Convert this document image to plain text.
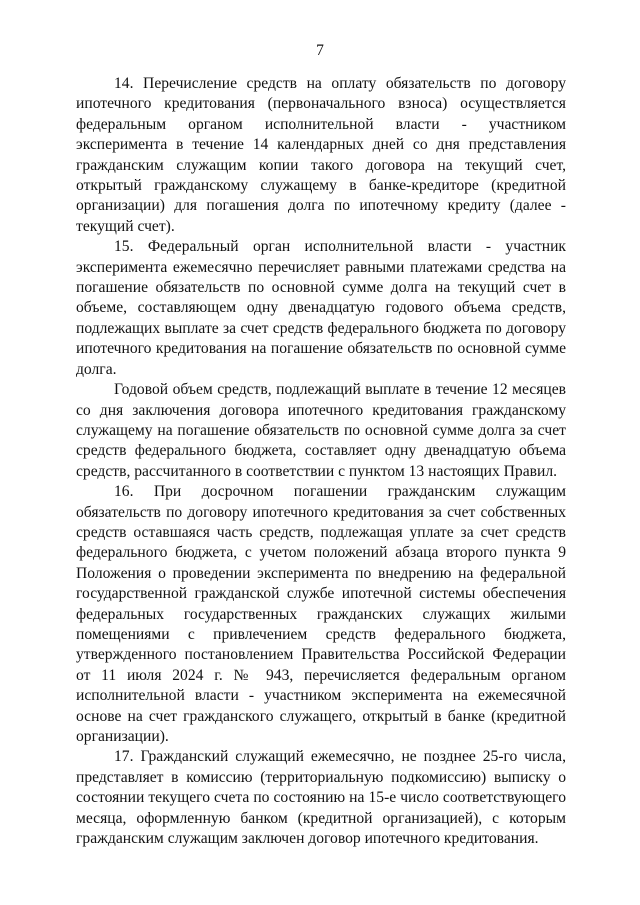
7

14. Перечисление средств на оплату обязательств по договору ипотечного кредитования (первоначального взноса) осуществляется федеральным органом исполнительной власти - участником эксперимента в течение 14 календарных дней со дня представления гражданским служащим копии такого договора на текущий счет, открытый гражданскому служащему в банке-кредиторе (кредитной организации) для погашения долга по ипотечному кредиту (далее - текущий счет).

15. Федеральный орган исполнительной власти - участник эксперимента ежемесячно перечисляет равными платежами средства на погашение обязательств по основной сумме долга на текущий счет в объеме, составляющем одну двенадцатую годового объема средств, подлежащих выплате за счет средств федерального бюджета по договору ипотечного кредитования на погашение обязательств по основной сумме долга.

Годовой объем средств, подлежащий выплате в течение 12 месяцев со дня заключения договора ипотечного кредитования гражданскому служащему на погашение обязательств по основной сумме долга за счет средств федерального бюджета, составляет одну двенадцатую объема средств, рассчитанного в соответствии с пунктом 13 настоящих Правил.

16. При досрочном погашении гражданским служащим обязательств по договору ипотечного кредитования за счет собственных средств оставшаяся часть средств, подлежащая уплате за счет средств федерального бюджета, с учетом положений абзаца второго пункта 9 Положения о проведении эксперимента по внедрению на федеральной государственной гражданской службе ипотечной системы обеспечения федеральных государственных гражданских служащих жилыми помещениями с привлечением средств федерального бюджета, утвержденного постановлением Правительства Российской Федерации от 11 июля 2024 г. № 943, перечисляется федеральным органом исполнительной власти - участником эксперимента на ежемесячной основе на счет гражданского служащего, открытый в банке (кредитной организации).

17. Гражданский служащий ежемесячно, не позднее 25-го числа, представляет в комиссию (территориальную подкомиссию) выписку о состоянии текущего счета по состоянию на 15-е число соответствующего месяца, оформленную банком (кредитной организацией), с которым гражданским служащим заключен договор ипотечного кредитования.
